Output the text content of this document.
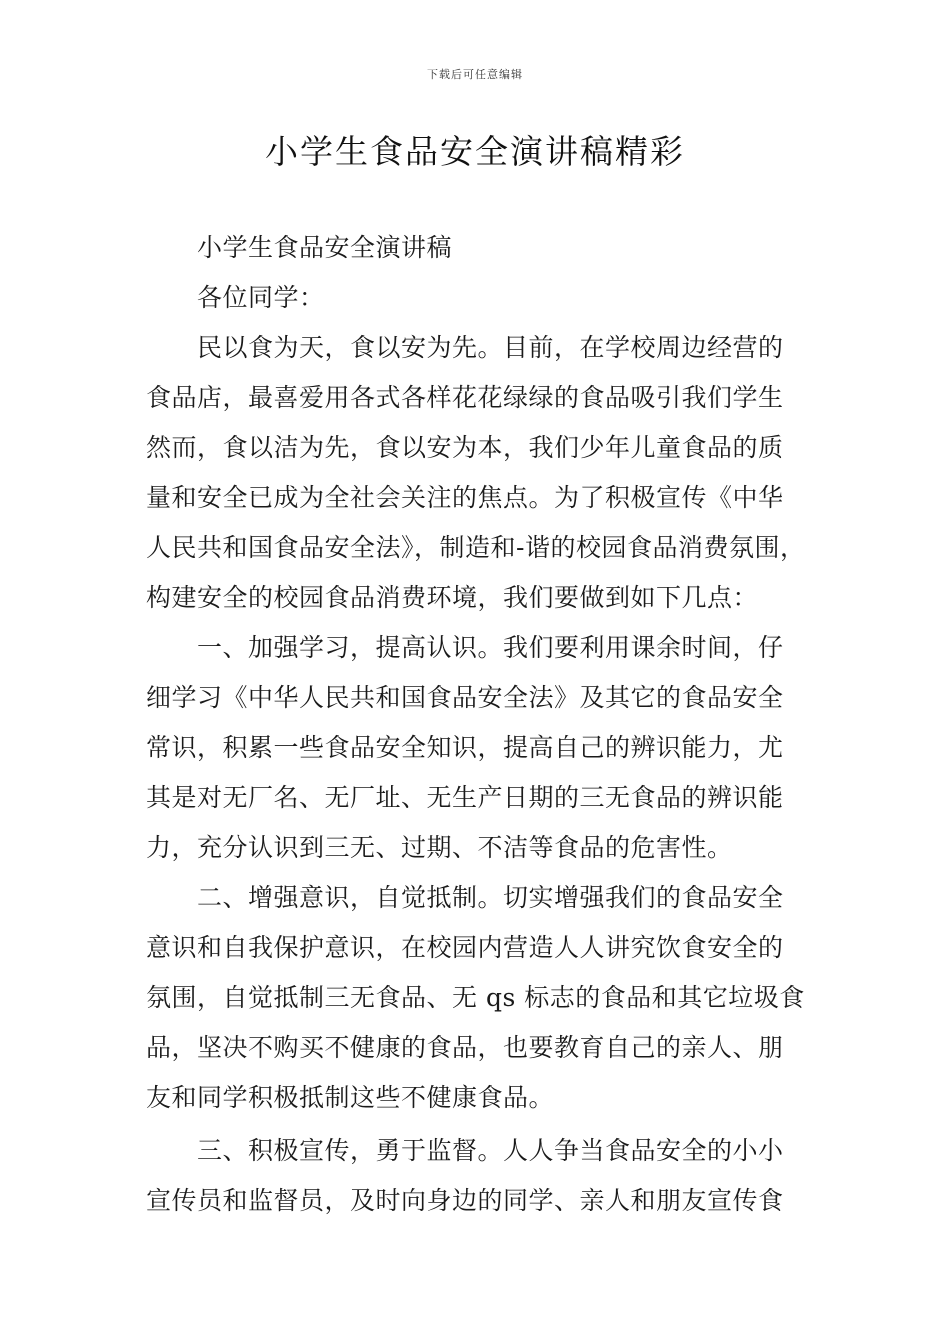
下载后可任意编辑
小学生食品安全演讲稿精彩
小学生食品安全演讲稿
各位同学：
民以食为天，食以安为先。目前，在学校周边经营的
食品店，最喜爱用各式各样花花绿绿的食品吸引我们学生
然而，食以洁为先，食以安为本，我们少年儿童食品的质
量和安全已成为全社会关注的焦点。为了积极宣传《中华
人民共和国食品安全法》，制造和-谐的校园食品消费氛围，
构建安全的校园食品消费环境，我们要做到如下几点：
一、加强学习，提高认识。我们要利用课余时间，仔
细学习《中华人民共和国食品安全法》及其它的食品安全
常识，积累一些食品安全知识，提高自己的辨识能力，尤
其是对无厂名、无厂址、无生产日期的三无食品的辨识能
力，充分认识到三无、过期、不洁等食品的危害性。
二、增强意识，自觉抵制。切实增强我们的食品安全
意识和自我保护意识，在校园内营造人人讲究饮食安全的
氛围，自觉抵制三无食品、无 qs 标志的食品和其它垃圾食
品，坚决不购买不健康的食品，也要教育自己的亲人、朋
友和同学积极抵制这些不健康食品。
三、积极宣传，勇于监督。人人争当食品安全的小小
宣传员和监督员，及时向身边的同学、亲人和朋友宣传食
